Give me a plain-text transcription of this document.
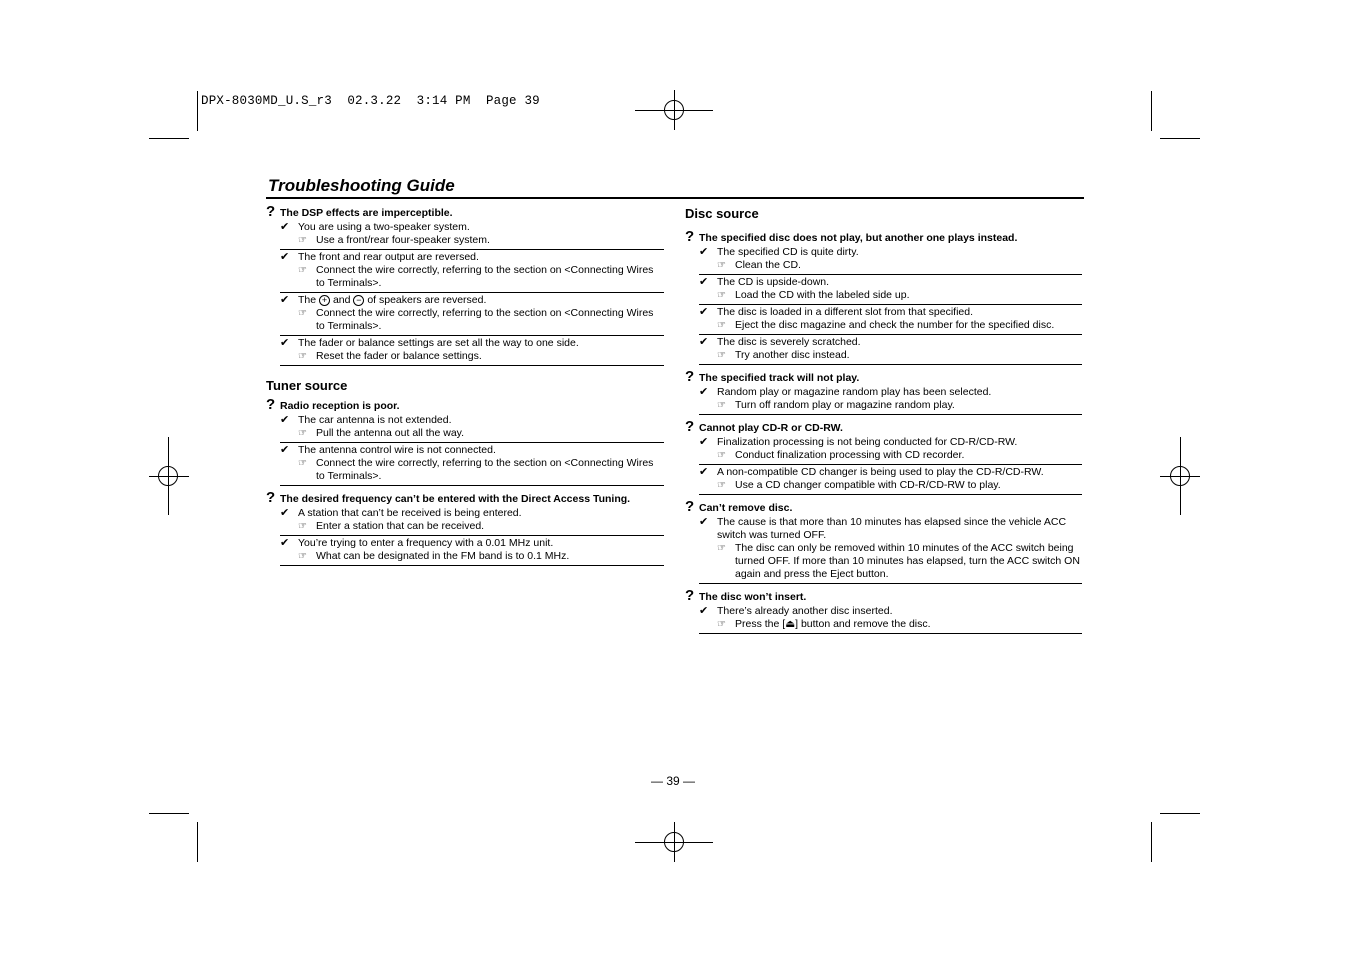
DPX-8030MD_U.S_r3  02.3.22  3:14 PM  Page 39
Troubleshooting Guide
? The DSP effects are imperceptible.
✔ You are using a two-speaker system.
☞ Use a front/rear four-speaker system.
✔ The front and rear output are reversed.
☞ Connect the wire correctly, referring to the section on <Connecting Wires to Terminals>.
✔ The + and − of speakers are reversed.
☞ Connect the wire correctly, referring to the section on <Connecting Wires to Terminals>.
✔ The fader or balance settings are set all the way to one side.
☞ Reset the fader or balance settings.
Tuner source
? Radio reception is poor.
✔ The car antenna is not extended.
☞ Pull the antenna out all the way.
✔ The antenna control wire is not connected.
☞ Connect the wire correctly, referring to the section on <Connecting Wires to Terminals>.
? The desired frequency can’t be entered with the Direct Access Tuning.
✔ A station that can’t be received is being entered.
☞ Enter a station that can be received.
✔ You’re trying to enter a frequency with a 0.01 MHz unit.
☞ What can be designated in the FM band is to 0.1 MHz.
Disc source
? The specified disc does not play, but another one plays instead.
✔ The specified CD is quite dirty.
☞ Clean the CD.
✔ The CD is upside-down.
☞ Load the CD with the labeled side up.
✔ The disc is loaded in a different slot from that specified.
☞ Eject the disc magazine and check the number for the specified disc.
✔ The disc is severely scratched.
☞ Try another disc instead.
? The specified track will not play.
✔ Random play or magazine random play has been selected.
☞ Turn off random play or magazine random play.
? Cannot play CD-R or CD-RW.
✔ Finalization processing is not being conducted for CD-R/CD-RW.
☞ Conduct finalization processing with CD recorder.
✔ A non-compatible CD changer is being used to play the CD-R/CD-RW.
☞ Use a CD changer compatible with CD-R/CD-RW to play.
? Can’t remove disc.
✔ The cause is that more than 10 minutes has elapsed since the vehicle ACC switch was turned OFF.
☞ The disc can only be removed within 10 minutes of the ACC switch being turned OFF. If more than 10 minutes has elapsed, turn the ACC switch ON again and press the Eject button.
? The disc won’t insert.
✔ There’s already another disc inserted.
☞ Press the [⏏] button and remove the disc.
— 39 —
